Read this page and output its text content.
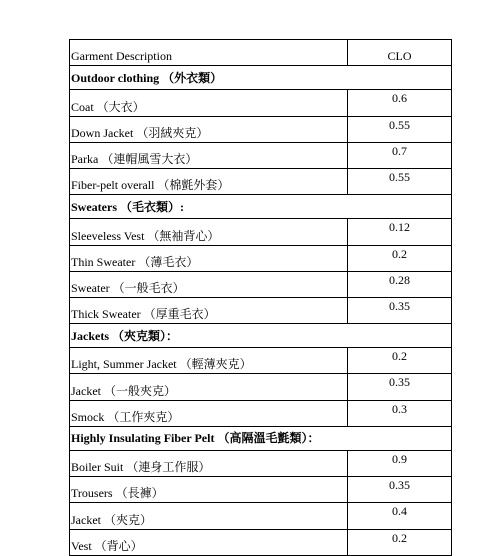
Garment Description	CLO
Outdoor clothing （外衣類）	
Coat （大衣）	0.6
Down Jacket （羽絨夾克）	0.55
Parka （連帽風雪大衣）	0.7
Fiber-pelt overall （棉氈外套）	0.55
Sweaters （毛衣類）:	
Sleeveless Vest （無袖背心）	0.12
Thin Sweater （薄毛衣）	0.2
Sweater （一般毛衣）	0.28
Thick Sweater （厚重毛衣）	0.35
Jackets （夾克類）：	
Light, Summer Jacket （輕薄夾克）	0.2
Jacket （一般夾克）	0.35
Smock （工作夾克）	0.3
Highly Insulating Fiber Pelt （高隔溫毛氈類）：	
Boiler Suit （連身工作服）	0.9
Trousers （長褲）	0.35
Jacket （夾克）	0.4
Vest （背心）	0.2
